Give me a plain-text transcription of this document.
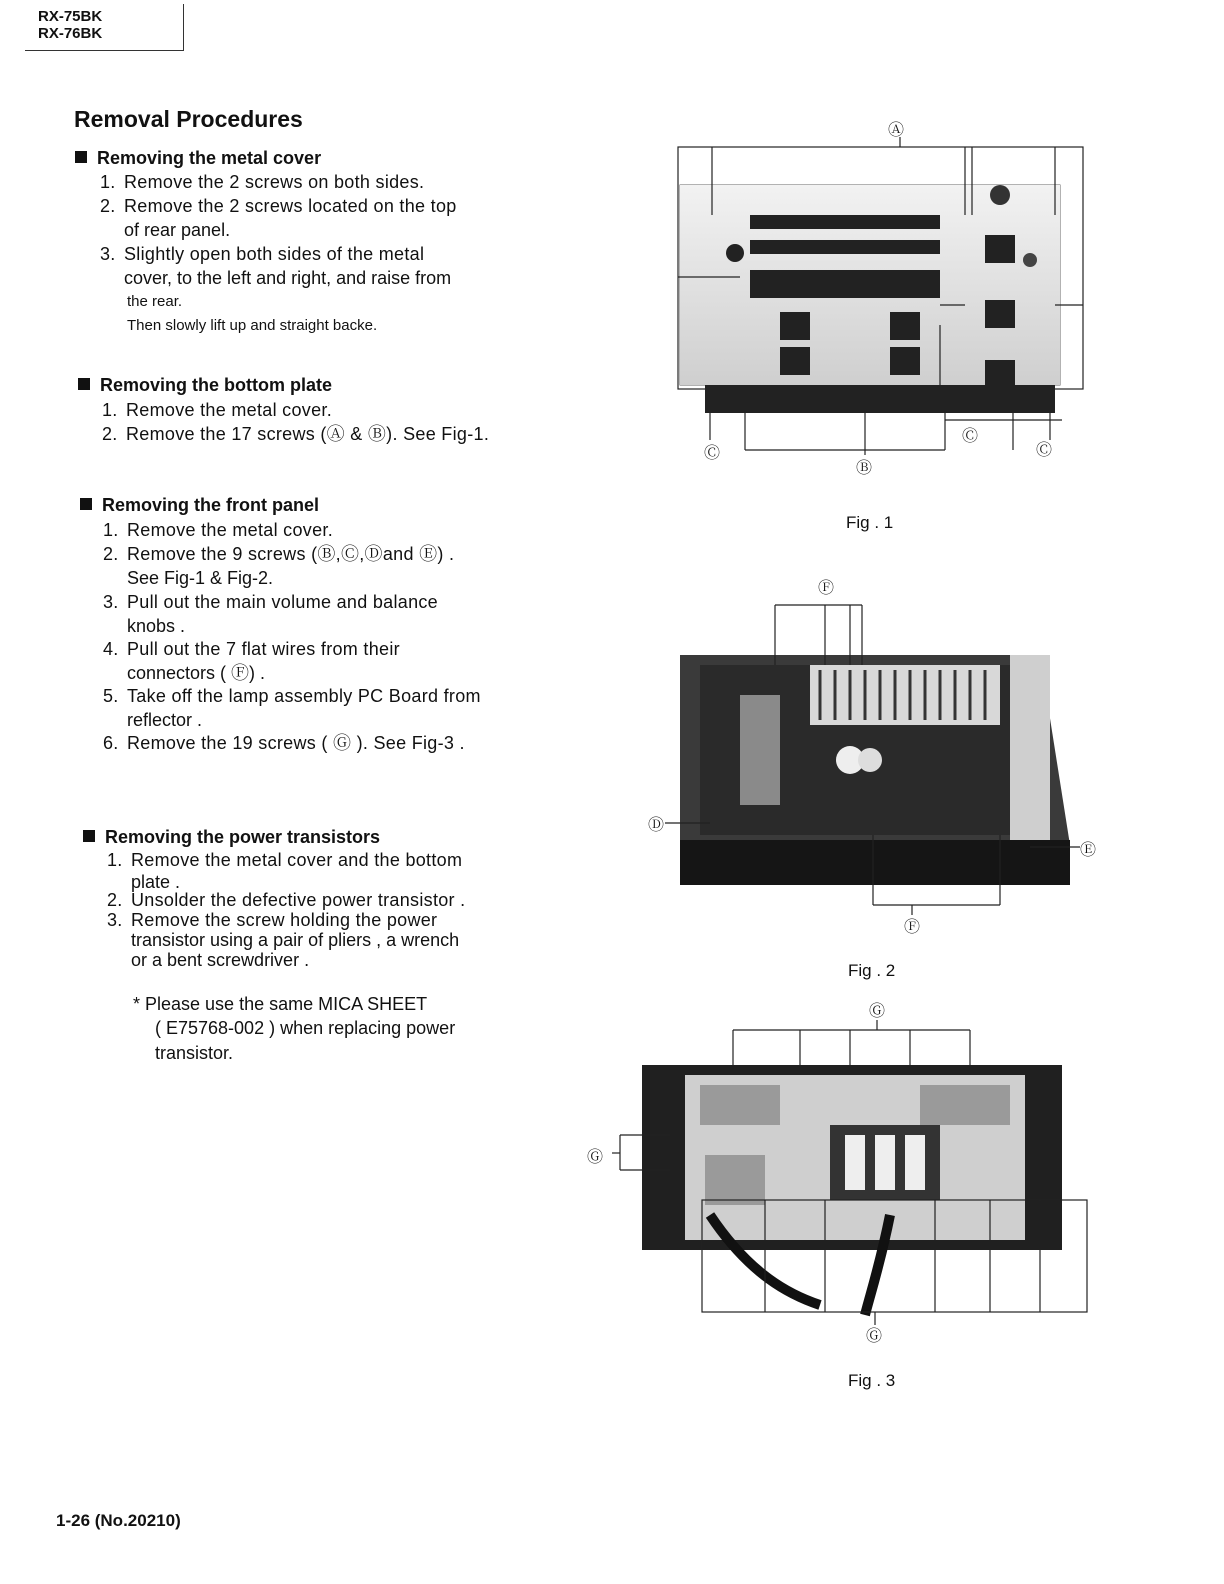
RX-75BK
RX-76BK
Removal Procedures
Removing the metal cover
1. Remove the 2 screws on both sides.
2. Remove the 2 screws located on the top
of rear panel.
3. Slightly open both sides of the metal
cover, to the left and right, and raise from
the rear.
Then slowly lift up and straight backe.
Removing the bottom plate
1. Remove the metal cover.
2. Remove the 17 screws (Ⓐ & Ⓑ). See Fig-1.
Removing the front panel
1. Remove the metal cover.
2. Remove the 9 screws (Ⓑ,Ⓒ,Ⓓand Ⓔ) .
See Fig-1 & Fig-2.
3. Pull out the main volume and balance
knobs .
4. Pull out the 7 flat wires from their
connectors ( Ⓕ) .
5. Take off the lamp assembly PC Board from
reflector .
6. Remove the 19 screws ( Ⓖ ). See Fig-3 .
Removing the power transistors
1. Remove the metal cover and the bottom
plate .
2. Unsolder the defective power transistor .
3. Remove the screw holding the power
transistor using a pair of pliers , a wrench
or a bent screwdriver .
* Please use the same MICA SHEET
( E75768-002 ) when replacing power
transistor.
Ⓐ
Ⓑ
Ⓒ
Ⓒ
Ⓒ
Fig . 1
Ⓕ
Ⓓ
Ⓔ
Ⓕ
Fig . 2
Ⓖ
Ⓖ
Ⓖ
Fig . 3
1-26 (No.20210)
